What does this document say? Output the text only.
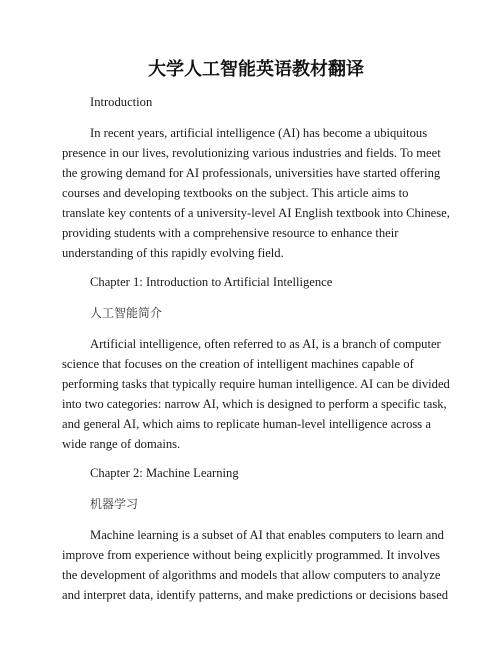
大学人工智能英语教材翻译

Introduction

In recent years, artificial intelligence (AI) has become a ubiquitous presence in our lives, revolutionizing various industries and fields. To meet the growing demand for AI professionals, universities have started offering courses and developing textbooks on the subject. This article aims to translate key contents of a university-level AI English textbook into Chinese, providing students with a comprehensive resource to enhance their understanding of this rapidly evolving field.

Chapter 1: Introduction to Artificial Intelligence

人工智能简介

Artificial intelligence, often referred to as AI, is a branch of computer science that focuses on the creation of intelligent machines capable of performing tasks that typically require human intelligence. AI can be divided into two categories: narrow AI, which is designed to perform a specific task, and general AI, which aims to replicate human-level intelligence across a wide range of domains.

Chapter 2: Machine Learning

机器学习

Machine learning is a subset of AI that enables computers to learn and improve from experience without being explicitly programmed. It involves the development of algorithms and models that allow computers to analyze and interpret data, identify patterns, and make predictions or decisions based
